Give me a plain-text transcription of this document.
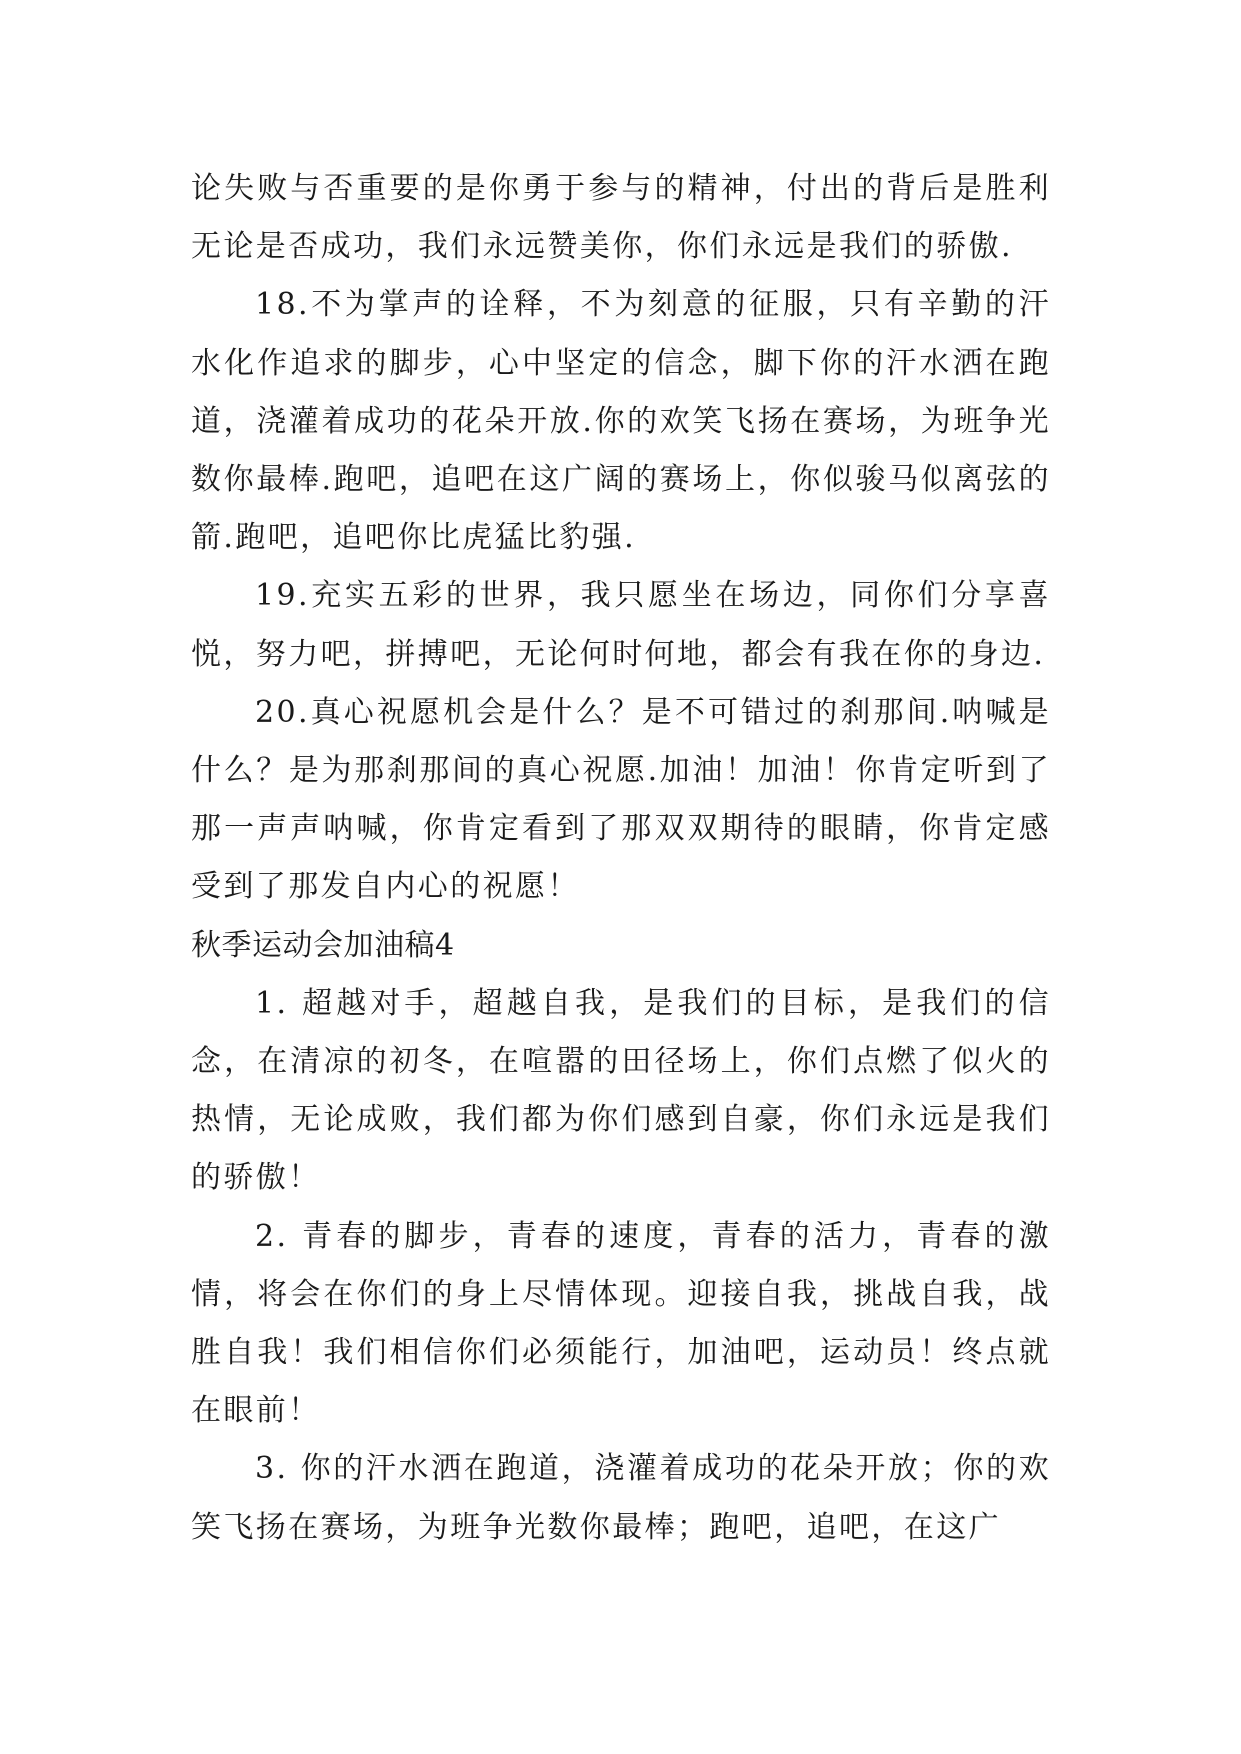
论失败与否重要的是你勇于参与的精神，付出的背后是胜利无论是否成功，我们永远赞美你，你们永远是我们的骄傲.

18.不为掌声的诠释，不为刻意的征服，只有辛勤的汗水化作追求的脚步，心中坚定的信念，脚下你的汗水洒在跑道，浇灌着成功的花朵开放.你的欢笑飞扬在赛场，为班争光数你最棒.跑吧，追吧在这广阔的赛场上，你似骏马似离弦的箭.跑吧，追吧你比虎猛比豹强.

19.充实五彩的世界，我只愿坐在场边，同你们分享喜悦，努力吧，拼搏吧，无论何时何地，都会有我在你的身边.

20.真心祝愿机会是什么？是不可错过的刹那间.呐喊是什么？是为那刹那间的真心祝愿.加油！加油！你肯定听到了那一声声呐喊，你肯定看到了那双双期待的眼睛，你肯定感受到了那发自内心的祝愿！

秋季运动会加油稿4

1. 超越对手，超越自我，是我们的目标，是我们的信念，在清凉的初冬，在喧嚣的田径场上，你们点燃了似火的热情，无论成败，我们都为你们感到自豪，你们永远是我们的骄傲！

2. 青春的脚步，青春的速度，青春的活力，青春的激情，将会在你们的身上尽情体现。迎接自我，挑战自我，战胜自我！我们相信你们必须能行，加油吧，运动员！终点就在眼前！

3. 你的汗水洒在跑道，浇灌着成功的花朵开放；你的欢笑飞扬在赛场，为班争光数你最棒；跑吧，追吧，在这广
